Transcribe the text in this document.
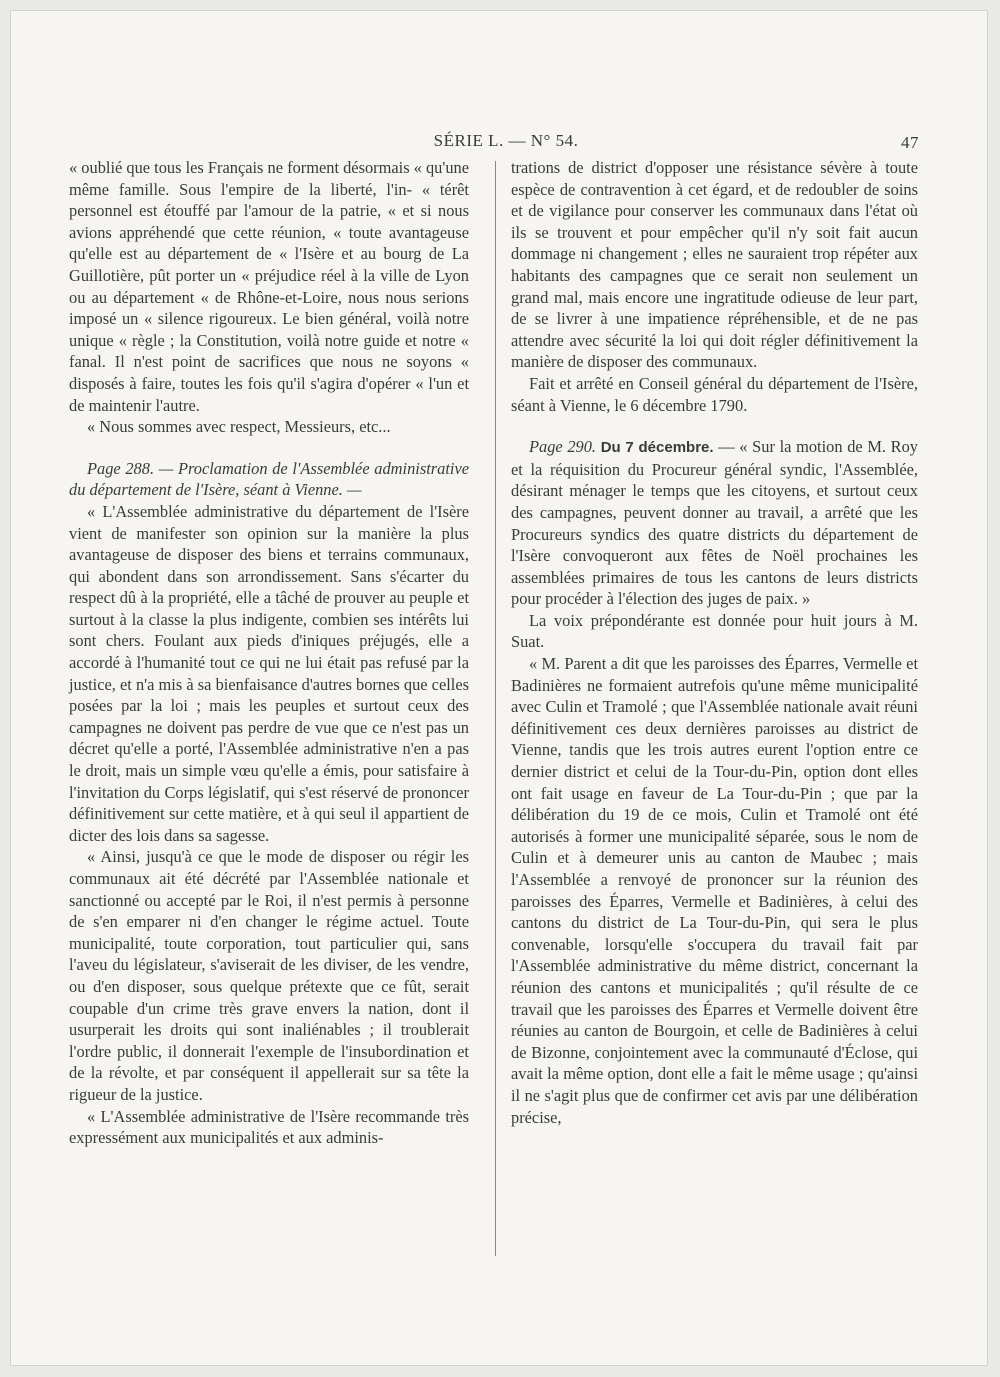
SÉRIE L. — N° 54.	47

« oublié que tous les Français ne forment désormais « qu'une même famille. Sous l'empire de la liberté, l'in- « térêt personnel est étouffé par l'amour de la patrie, « et si nous avions appréhendé que cette réunion, « toute avantageuse qu'elle est au département de « l'Isère et au bourg de La Guillotière, pût porter un « préjudice réel à la ville de Lyon ou au département « de Rhône-et-Loire, nous nous serions imposé un « silence rigoureux. Le bien général, voilà notre unique « règle ; la Constitution, voilà notre guide et notre « fanal. Il n'est point de sacrifices que nous ne soyons « disposés à faire, toutes les fois qu'il s'agira d'opérer « l'un et de maintenir l'autre.

« Nous sommes avec respect, Messieurs, etc...

Page 288. — Proclamation de l'Assemblée administrative du département de l'Isère, séant à Vienne. —

« L'Assemblée administrative du département de l'Isère vient de manifester son opinion sur la manière la plus avantageuse de disposer des biens et terrains communaux, qui abondent dans son arrondissement. Sans s'écarter du respect dû à la propriété, elle a tâché de prouver au peuple et surtout à la classe la plus indigente, combien ses intérêts lui sont chers. Foulant aux pieds d'iniques préjugés, elle a accordé à l'humanité tout ce qui ne lui était pas refusé par la justice, et n'a mis à sa bienfaisance d'autres bornes que celles posées par la loi ; mais les peuples et surtout ceux des campagnes ne doivent pas perdre de vue que ce n'est pas un décret qu'elle a porté, l'Assemblée administrative n'en a pas le droit, mais un simple vœu qu'elle a émis, pour satisfaire à l'invitation du Corps législatif, qui s'est réservé de prononcer définitivement sur cette matière, et à qui seul il appartient de dicter des lois dans sa sagesse.

« Ainsi, jusqu'à ce que le mode de disposer ou régir les communaux ait été décrété par l'Assemblée nationale et sanctionné ou accepté par le Roi, il n'est permis à personne de s'en emparer ni d'en changer le régime actuel. Toute municipalité, toute corporation, tout particulier qui, sans l'aveu du législateur, s'aviserait de les diviser, de les vendre, ou d'en disposer, sous quelque prétexte que ce fût, serait coupable d'un crime très grave envers la nation, dont il usurperait les droits qui sont inaliénables ; il troublerait l'ordre public, il donnerait l'exemple de l'insubordination et de la révolte, et par conséquent il appellerait sur sa tête la rigueur de la justice.

« L'Assemblée administrative de l'Isère recommande très expressément aux municipalités et aux adminis-

trations de district d'opposer une résistance sévère à toute espèce de contravention à cet égard, et de redoubler de soins et de vigilance pour conserver les communaux dans l'état où ils se trouvent et pour empêcher qu'il n'y soit fait aucun dommage ni changement ; elles ne sauraient trop répéter aux habitants des campagnes que ce serait non seulement un grand mal, mais encore une ingratitude odieuse de leur part, de se livrer à une impatience répréhensible, et de ne pas attendre avec sécurité la loi qui doit régler définitivement la manière de disposer des communaux.

Fait et arrêté en Conseil général du département de l'Isère, séant à Vienne, le 6 décembre 1790.

Page 290. Du 7 décembre. — « Sur la motion de M. Roy et la réquisition du Procureur général syndic, l'Assemblée, désirant ménager le temps que les citoyens, et surtout ceux des campagnes, peuvent donner au travail, a arrêté que les Procureurs syndics des quatre districts du département de l'Isère convoqueront aux fêtes de Noël prochaines les assemblées primaires de tous les cantons de leurs districts pour procéder à l'élection des juges de paix. »

La voix prépondérante est donnée pour huit jours à M. Suat.

« M. Parent a dit que les paroisses des Éparres, Vermelle et Badinières ne formaient autrefois qu'une même municipalité avec Culin et Tramolé ; que l'Assemblée nationale avait réuni définitivement ces deux dernières paroisses au district de Vienne, tandis que les trois autres eurent l'option entre ce dernier district et celui de la Tour-du-Pin, option dont elles ont fait usage en faveur de La Tour-du-Pin ; que par la délibération du 19 de ce mois, Culin et Tramolé ont été autorisés à former une municipalité séparée, sous le nom de Culin et à demeurer unis au canton de Maubec ; mais l'Assemblée a renvoyé de prononcer sur la réunion des paroisses des Éparres, Vermelle et Badinières, à celui des cantons du district de La Tour-du-Pin, qui sera le plus convenable, lorsqu'elle s'occupera du travail fait par l'Assemblée administrative du même district, concernant la réunion des cantons et municipalités ; qu'il résulte de ce travail que les paroisses des Éparres et Vermelle doivent être réunies au canton de Bourgoin, et celle de Badinières à celui de Bizonne, conjointement avec la communauté d'Éclose, qui avait la même option, dont elle a fait le même usage ; qu'ainsi il ne s'agit plus que de confirmer cet avis par une délibération précise,
